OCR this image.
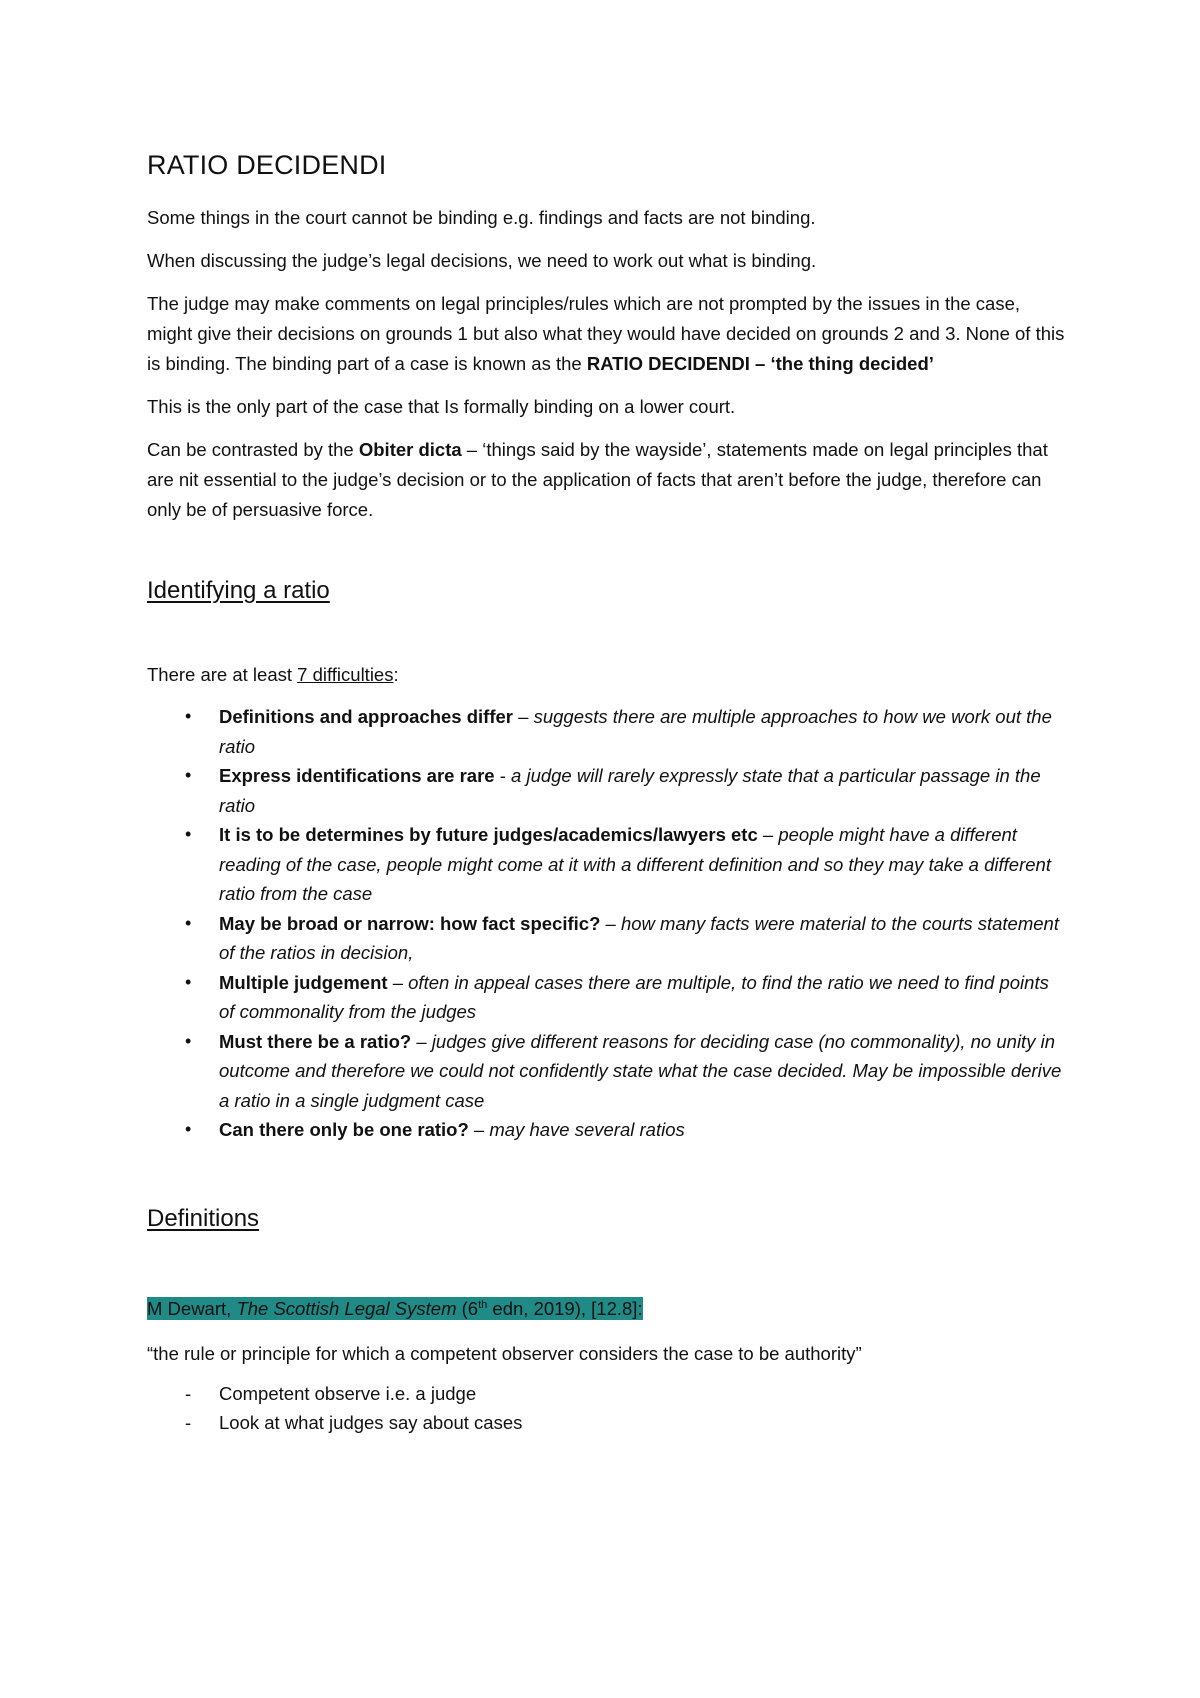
RATIO DECIDENDI

Some things in the court cannot be binding e.g. findings and facts are not binding.

When discussing the judge’s legal decisions, we need to work out what is binding.

The judge may make comments on legal principles/rules which are not prompted by the issues in the case, might give their decisions on grounds 1 but also what they would have decided on grounds 2 and 3. None of this is binding. The binding part of a case is known as the RATIO DECIDENDI – ‘the thing decided’

This is the only part of the case that Is formally binding on a lower court.

Can be contrasted by the Obiter dicta – ‘things said by the wayside’, statements made on legal principles that are nit essential to the judge’s decision or to the application of facts that aren’t before the judge, therefore can only be of persuasive force.

Identifying a ratio

There are at least 7 difficulties:

• Definitions and approaches differ – suggests there are multiple approaches to how we work out the ratio
• Express identifications are rare - a judge will rarely expressly state that a particular passage in the ratio
• It is to be determines by future judges/academics/lawyers etc – people might have a different reading of the case, people might come at it with a different definition and so they may take a different ratio from the case
• May be broad or narrow: how fact specific? – how many facts were material to the courts statement of the ratios in decision,
• Multiple judgement – often in appeal cases there are multiple, to find the ratio we need to find points of commonality from the judges
• Must there be a ratio? – judges give different reasons for deciding case (no commonality), no unity in outcome and therefore we could not confidently state what the case decided. May be impossible derive a ratio in a single judgment case
• Can there only be one ratio? – may have several ratios
Definitions

M Dewart, The Scottish Legal System (6th edn, 2019), [12.8]:

“the rule or principle for which a competent observer considers the case to be authority”

- Competent observe i.e. a judge
- Look at what judges say about cases
